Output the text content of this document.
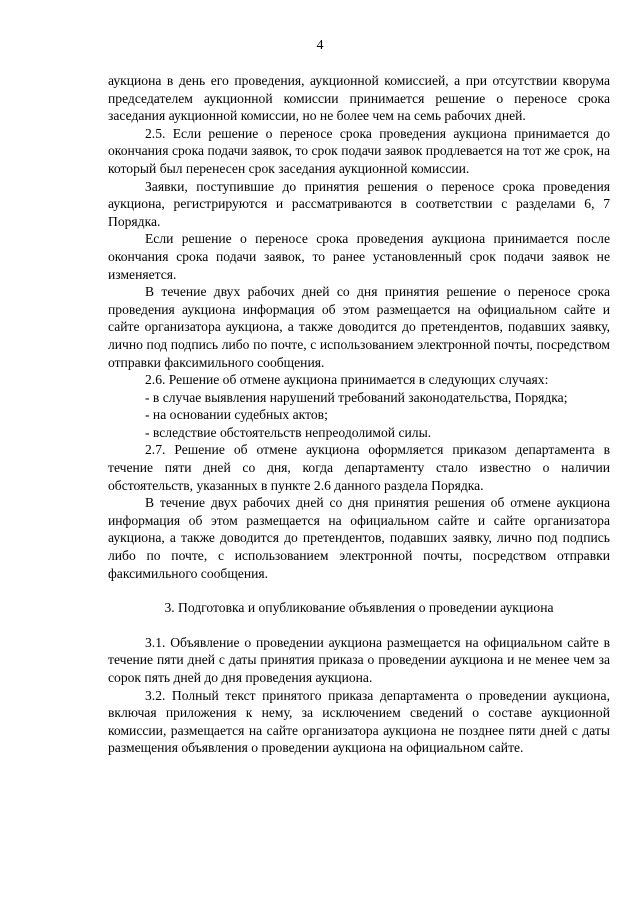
4

аукциона в день его проведения, аукционной комиссией, а при отсутствии кворума председателем аукционной комиссии принимается решение о переносе срока заседания аукционной комиссии, но не более чем на семь рабочих дней.

2.5. Если решение о переносе срока проведения аукциона принимается до окончания срока подачи заявок, то срок подачи заявок продлевается на тот же срок, на который был перенесен срок заседания аукционной комиссии.

Заявки, поступившие до принятия решения о переносе срока проведения аукциона, регистрируются и рассматриваются в соответствии с разделами 6, 7 Порядка.

Если решение о переносе срока проведения аукциона принимается после окончания срока подачи заявок, то ранее установленный срок подачи заявок не изменяется.

В течение двух рабочих дней со дня принятия решение о переносе срока проведения аукциона информация об этом размещается на официальном сайте и сайте организатора аукциона, а также доводится до претендентов, подавших заявку, лично под подпись либо по почте, с использованием электронной почты, посредством отправки факсимильного сообщения.

2.6. Решение об отмене аукциона принимается в следующих случаях:

- в случае выявления нарушений требований законодательства, Порядка;

- на основании судебных актов;

- вследствие обстоятельств непреодолимой силы.

2.7. Решение об отмене аукциона оформляется приказом департамента в течение пяти дней со дня, когда департаменту стало известно о наличии обстоятельств, указанных в пункте 2.6 данного раздела Порядка.

В течение двух рабочих дней со дня принятия решения об отмене аукциона информация об этом размещается на официальном сайте и сайте организатора аукциона, а также доводится до претендентов, подавших заявку, лично под подпись либо по почте, с использованием электронной почты, посредством отправки факсимильного сообщения.

3. Подготовка и опубликование объявления о проведении аукциона

3.1. Объявление о проведении аукциона размещается на официальном сайте в течение пяти дней с даты принятия приказа о проведении аукциона и не менее чем за сорок пять дней до дня проведения аукциона.

3.2. Полный текст принятого приказа департамента о проведении аукциона, включая приложения к нему, за исключением сведений о составе аукционной комиссии, размещается на сайте организатора аукциона не позднее пяти дней с даты размещения объявления о проведении аукциона на официальном сайте.
